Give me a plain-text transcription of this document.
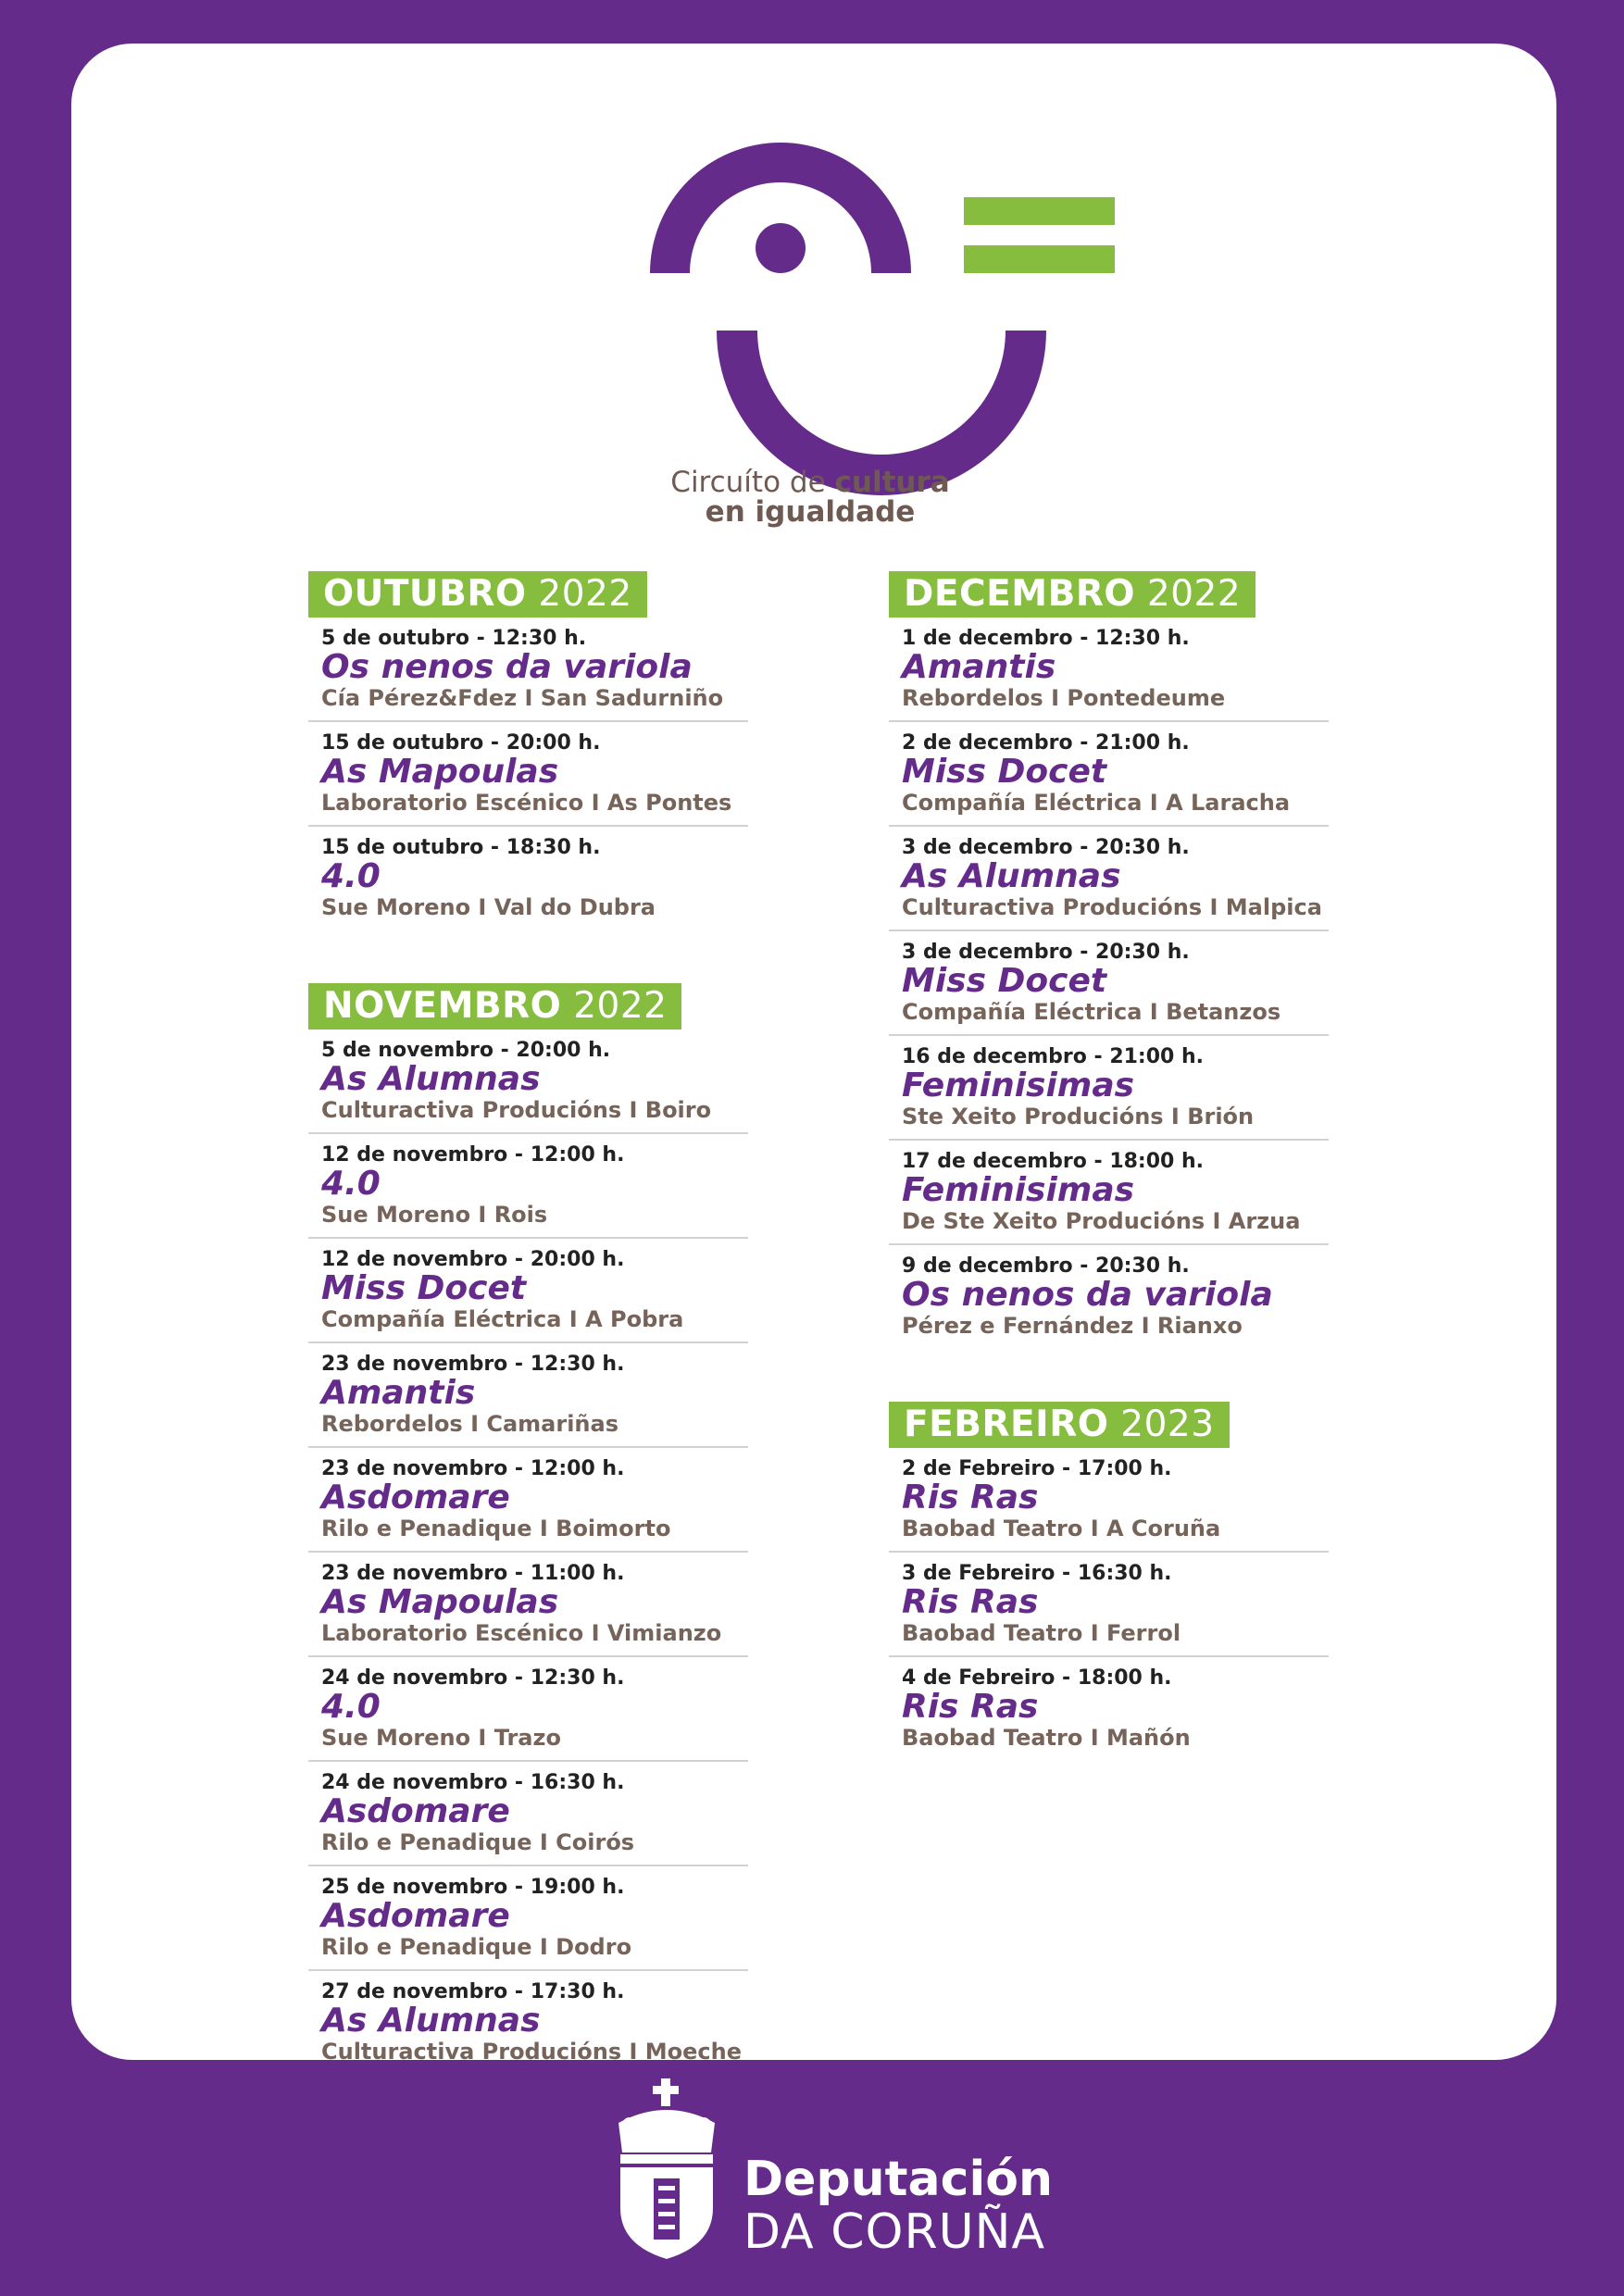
Circuíto de cultura
en igualdade
OUTUBRO 2022
5 de outubro - 12:30 h.
Os nenos da variola
Cía Pérez&Fdez I San Sadurniño
15 de outubro - 20:00 h.
As Mapoulas
Laboratorio Escénico I As Pontes
15 de outubro - 18:30 h.
4.0
Sue Moreno I Val do Dubra
NOVEMBRO 2022
5 de novembro - 20:00 h.
As Alumnas
Culturactiva Producións I Boiro
12 de novembro - 12:00 h.
4.0
Sue Moreno I Rois
12 de novembro - 20:00 h.
Miss Docet
Compañía Eléctrica I A Pobra
23 de novembro - 12:30 h.
Amantis
Rebordelos I Camariñas
23 de novembro - 12:00 h.
Asdomare
Rilo e Penadique I Boimorto
23 de novembro - 11:00 h.
As Mapoulas
Laboratorio Escénico I Vimianzo
24 de novembro - 12:30 h.
4.0
Sue Moreno I Trazo
24 de novembro - 16:30 h.
Asdomare
Rilo e Penadique I Coirós
25 de novembro - 19:00 h.
Asdomare
Rilo e Penadique I Dodro
27 de novembro - 17:30 h.
As Alumnas
Culturactiva Producións I Moeche
DECEMBRO 2022
1 de decembro - 12:30 h.
Amantis
Rebordelos I Pontedeume
2 de decembro - 21:00 h.
Miss Docet
Compañía Eléctrica I A Laracha
3 de decembro - 20:30 h.
As Alumnas
Culturactiva Producións I Malpica
3 de decembro - 20:30 h.
Miss Docet
Compañía Eléctrica I Betanzos
16 de decembro - 21:00 h.
Feminisimas
Ste Xeito Producións I Brión
17 de decembro - 18:00 h.
Feminisimas
De Ste Xeito Producións I Arzua
9 de decembro - 20:30 h.
Os nenos da variola
Pérez e Fernández I Rianxo
FEBREIRO 2023
2 de Febreiro - 17:00 h.
Ris Ras
Baobad Teatro I A Coruña
3 de Febreiro - 16:30 h.
Ris Ras
Baobad Teatro I Ferrol
4 de Febreiro - 18:00 h.
Ris Ras
Baobad Teatro I Mañón
Deputación
DA CORUÑA
